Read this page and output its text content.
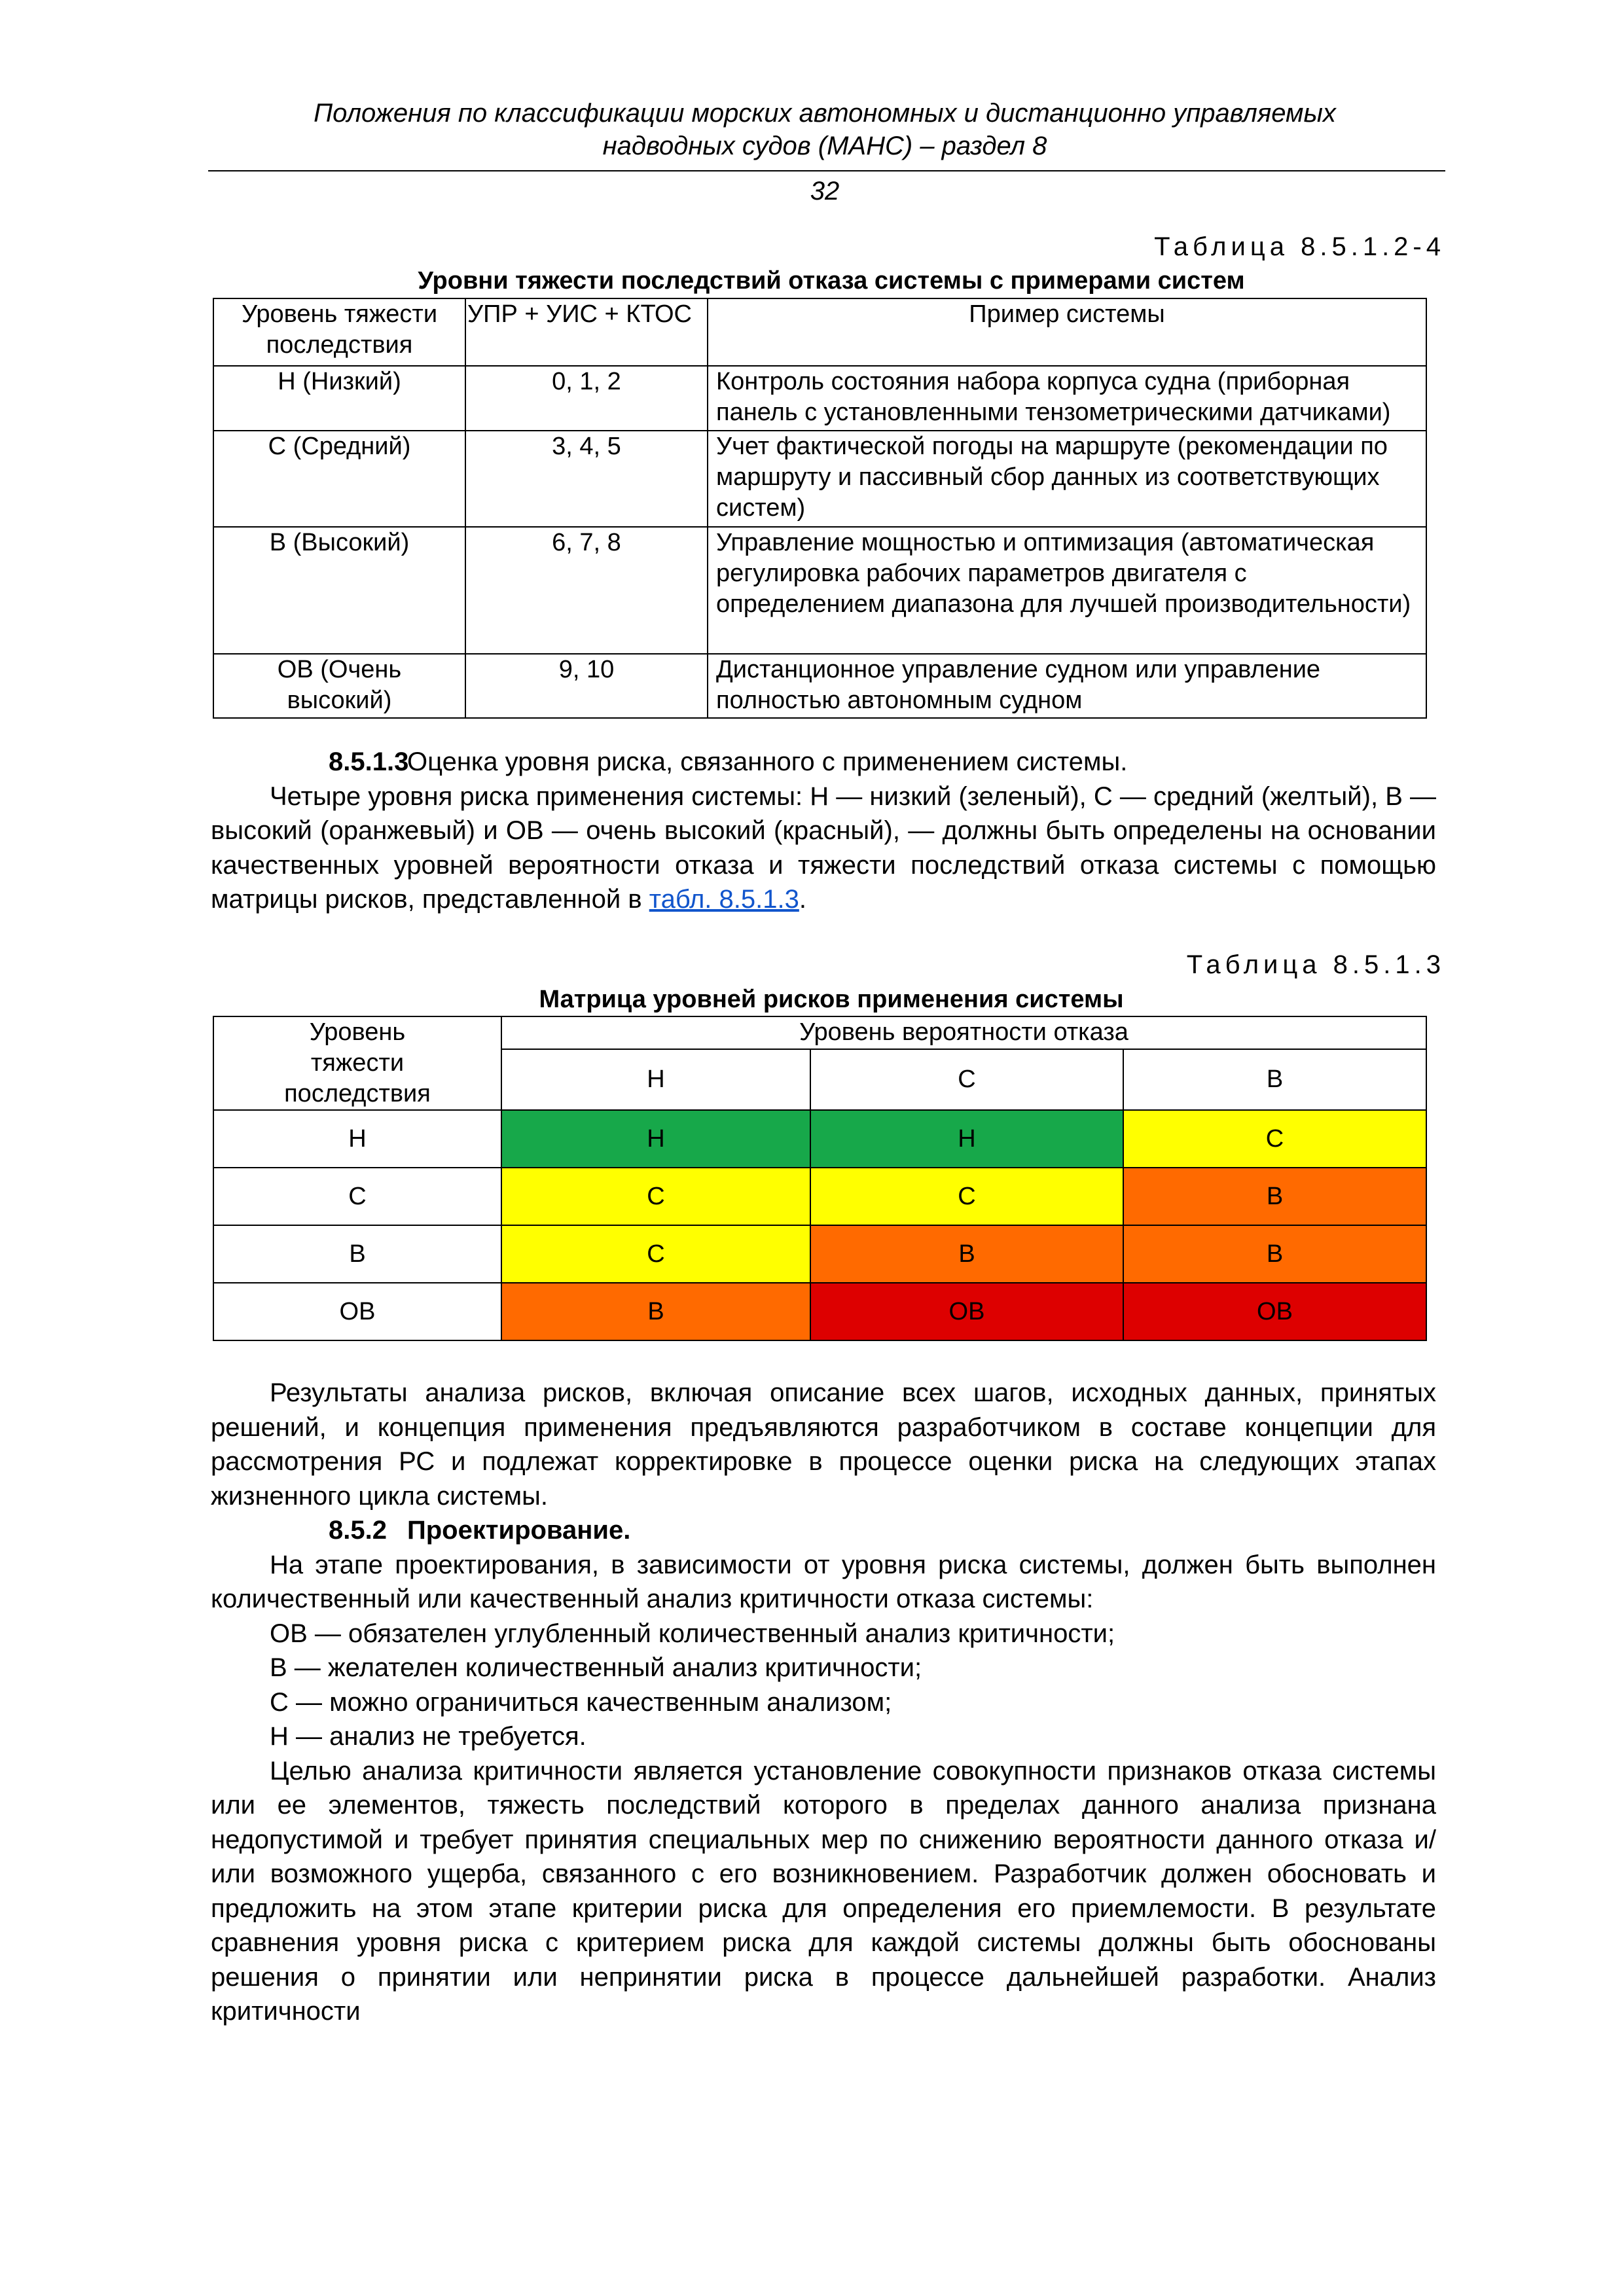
Положения по классификации морских автономных и дистанционно управляемых
надводных судов (МАНС) – раздел 8
32
Таблица 8.5.1.2-4
Уровни тяжести последствий отказа системы с примерами систем
Уровень тяжести последствия	УПР + УИС + КТОС	Пример системы
Н (Низкий)	0, 1, 2	Контроль состояния набора корпуса судна (приборная панель с установленными тензометрическими датчиками)
С (Средний)	3, 4, 5	Учет фактической погоды на маршруте (рекомендации по маршруту и пассивный сбор данных из соответствующих систем)
В (Высокий)	6, 7, 8	Управление мощностью и оптимизация (автоматическая регулировка рабочих параметров двигателя с определением диапазона для лучшей производительности)
ОВ (Очень высокий)	9, 10	Дистанционное управление судном или управление полностью автономным судном

8.5.1.3Оценка уровня риска, связанного с применением системы.

Четыре уровня риска применения системы: Н — низкий (зеленый), С — средний (желтый), В — высокий (оранжевый) и ОВ — очень высокий (красный), — должны быть определены на основании качественных уровней вероятности отказа и тяжести последствий отказа системы с помощью матрицы рисков, представленной в табл. 8.5.1.3.

Таблица 8.5.1.3
Матрица уровней рисков применения системы
Уровень тяжести последствия	Уровень вероятности отказа		
	Н	С	В
Н	Н	Н	С
С	С	С	В
В	С	В	В
ОВ	В	ОВ	ОВ

Результаты анализа рисков, включая описание всех шагов, исходных данных, принятых решений, и концепция применения предъявляются разработчиком в составе концепции для рассмотрения РС и подлежат корректировке в процессе оценки риска на следующих этапах жизненного цикла системы.

8.5.2 Проектирование.

На этапе проектирования, в зависимости от уровня риска системы, должен быть выполнен количественный или качественный анализ критичности отказа системы:

ОВ — обязателен углубленный количественный анализ критичности;

В — желателен количественный анализ критичности;

С — можно ограничиться качественным анализом;

Н — анализ не требуется.

Целью анализа критичности является установление совокупности признаков отказа системы или ее элементов, тяжесть последствий которого в пределах данного анализа признана недопустимой и требует принятия специальных мер по снижению вероятности данного отказа и/или возможного ущерба, связанного с его возникновением. Разработчик должен обосновать и предложить на этом этапе критерии риска для определения его приемлемости. В результате сравнения уровня риска с критерием риска для каждой системы должны быть обоснованы решения о принятии или непринятии риска в процессе дальнейшей разработки. Анализ критичности
